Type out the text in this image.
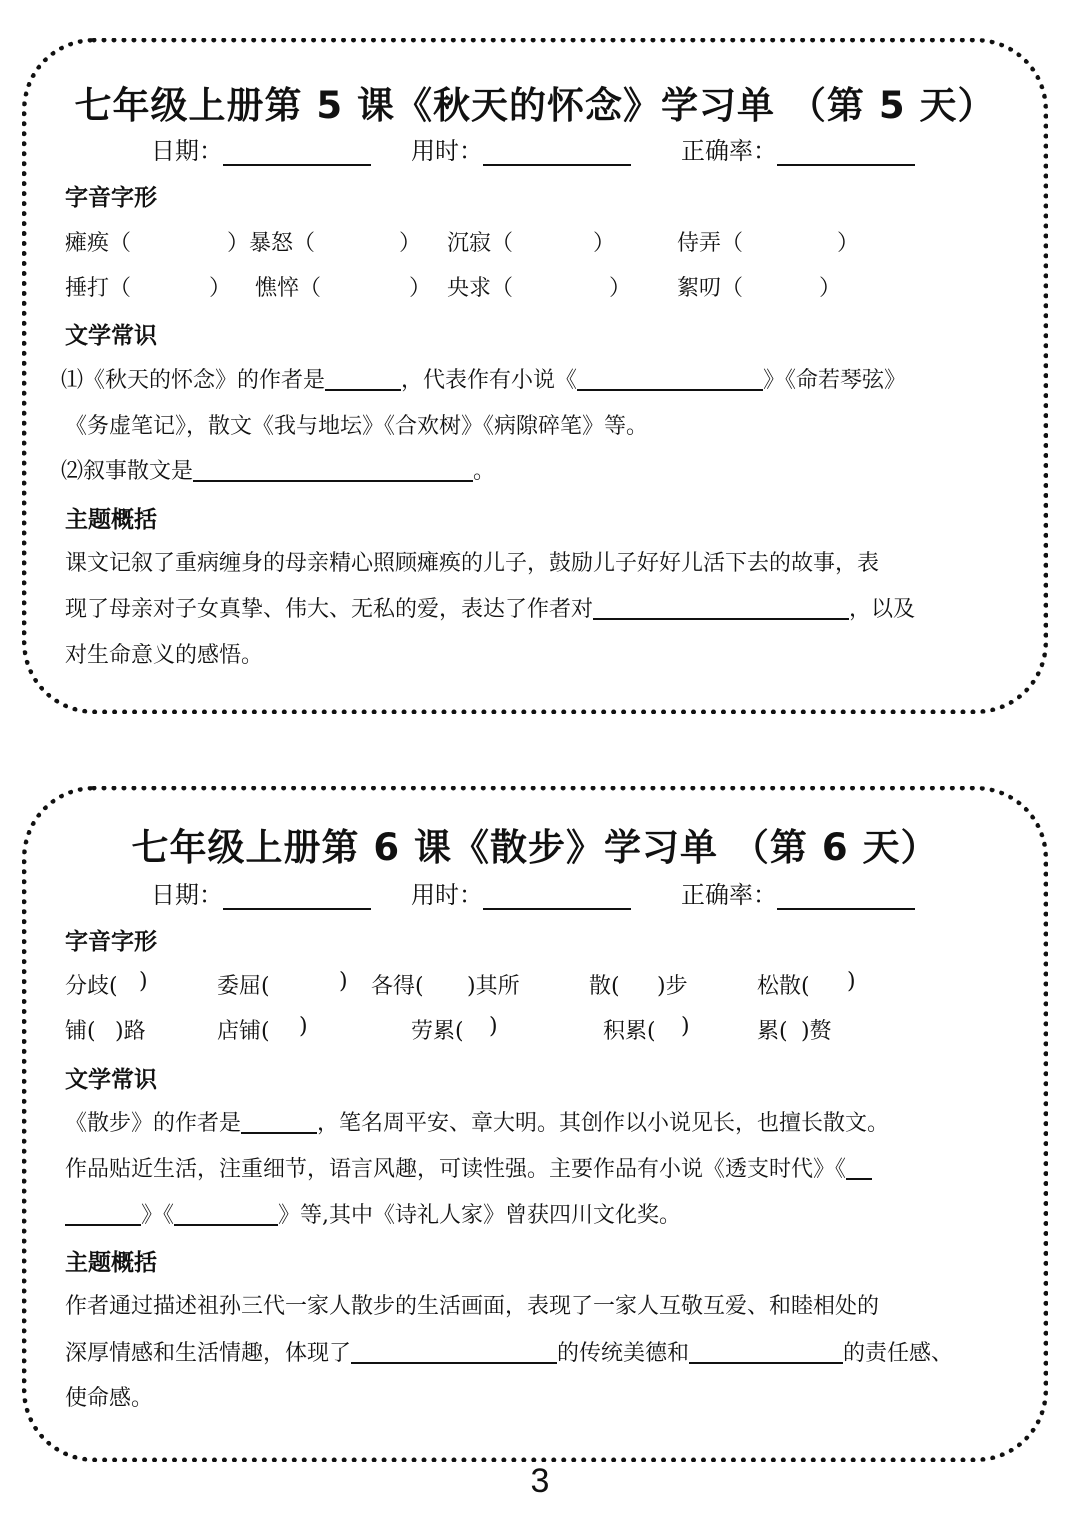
七年级上册第 5 课《秋天的怀念》学习单 （第 5 天）
日期：	用时：	正确率：
字音字形
瘫痪（	）暴怒（	） 沉寂（	）	侍弄（	）
捶打（	） 憔悴（	） 央求（	） 絮叨（	）
文学常识
⑴《秋天的怀念》的作者是	，代表作有小说《	》《命若琴弦》
《务虚笔记》，散文《我与地坛》《合欢树》《病隙碎笔》等。
⑵叙事散文是	。
主题概括
课文记叙了重病缠身的母亲精心照顾瘫痪的儿子，鼓励儿子好好儿活下去的故事，表
现了母亲对子女真挚、伟大、无私的爱，表达了作者对	，以及
对生命意义的感悟。
七年级上册第 6 课《散步》学习单 （第 6 天）
日期：	用时：	正确率：
字音字形
分歧( )	委屈(	) 各得( )其所	散( )步	松散( )
铺( )路	店铺( )	劳累( )	积累( )	累( )赘
文学常识
《散步》的作者是	，笔名周平安、章大明。其创作以小说见长，也擅长散文。
作品贴近生活，注重细节，语言风趣，可读性强。主要作品有小说《透支时代》《
》《	》等,其中《诗礼人家》曾获四川文化奖。
主题概括
作者通过描述祖孙三代一家人散步的生活画面，表现了一家人互敬互爱、和睦相处的
深厚情感和生活情趣，体现了	的传统美德和	的责任感、
使命感。
3
